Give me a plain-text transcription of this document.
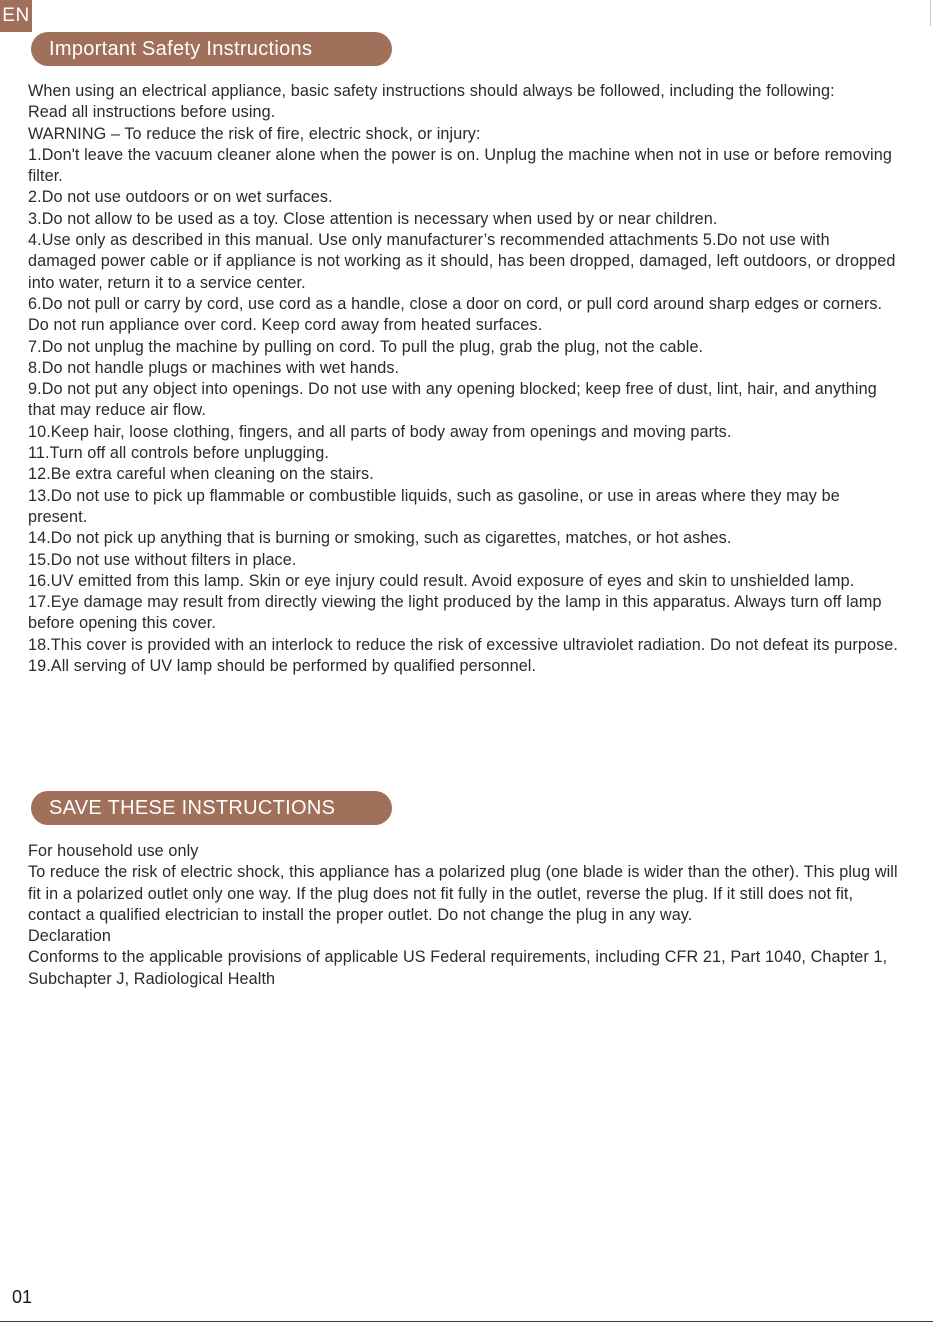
EN
Important Safety Instructions

When using an electrical appliance, basic safety instructions should always be followed, including the following:

Read all instructions before using.

WARNING – To reduce the risk of fire, electric shock, or injury:

1.Don't leave the vacuum cleaner alone when the power is on. Unplug the machine when not in use or before removing filter.

2.Do not use outdoors or on wet surfaces.

3.Do not allow to be used as a toy. Close attention is necessary when used by or near children.

4.Use only as described in this manual. Use only manufacturer’s recommended attachments 5.Do not use with damaged power cable or if appliance is not working as it should, has been dropped, damaged, left outdoors, or dropped into water, return it to a service center.

6.Do not pull or carry by cord, use cord as a handle, close a door on cord, or pull cord around sharp edges or corners. Do not run appliance over cord. Keep cord away from heated surfaces.

7.Do not unplug the machine by pulling on cord. To pull the plug, grab the plug, not the cable.

8.Do not handle plugs or machines with wet hands.

9.Do not put any object into openings. Do not use with any opening blocked; keep free of dust, lint, hair, and anything that may reduce air flow.

10.Keep hair, loose clothing, fingers, and all parts of body away from openings and moving parts.

11.Turn off all controls before unplugging.

12.Be extra careful when cleaning on the stairs.

13.Do not use to pick up flammable or combustible liquids, such as gasoline, or use in areas where they may be present.

14.Do not pick up anything that is burning or smoking, such as cigarettes, matches, or hot ashes.

15.Do not use without filters in place.

16.UV emitted from this lamp. Skin or eye injury could result. Avoid exposure of eyes and skin to unshielded lamp.

17.Eye damage may result from directly viewing the light produced by the lamp in this apparatus. Always turn off lamp before opening this cover.

18.This cover is provided with an interlock to reduce the risk of excessive ultraviolet radiation. Do not defeat its purpose.

19.All serving of UV lamp should be performed by qualified personnel.

SAVE THESE INSTRUCTIONS

For household use only

To reduce the risk of electric shock, this appliance has a polarized plug (one blade is wider than the other). This plug will fit in a polarized outlet only one way. If the plug does not fit fully in the outlet, reverse the plug. If it still does not fit, contact a qualified electrician to install the proper outlet. Do not change the plug in any way.

Declaration

Conforms to the applicable provisions of applicable US Federal requirements, including CFR 21, Part 1040, Chapter 1, Subchapter J, Radiological Health

01
